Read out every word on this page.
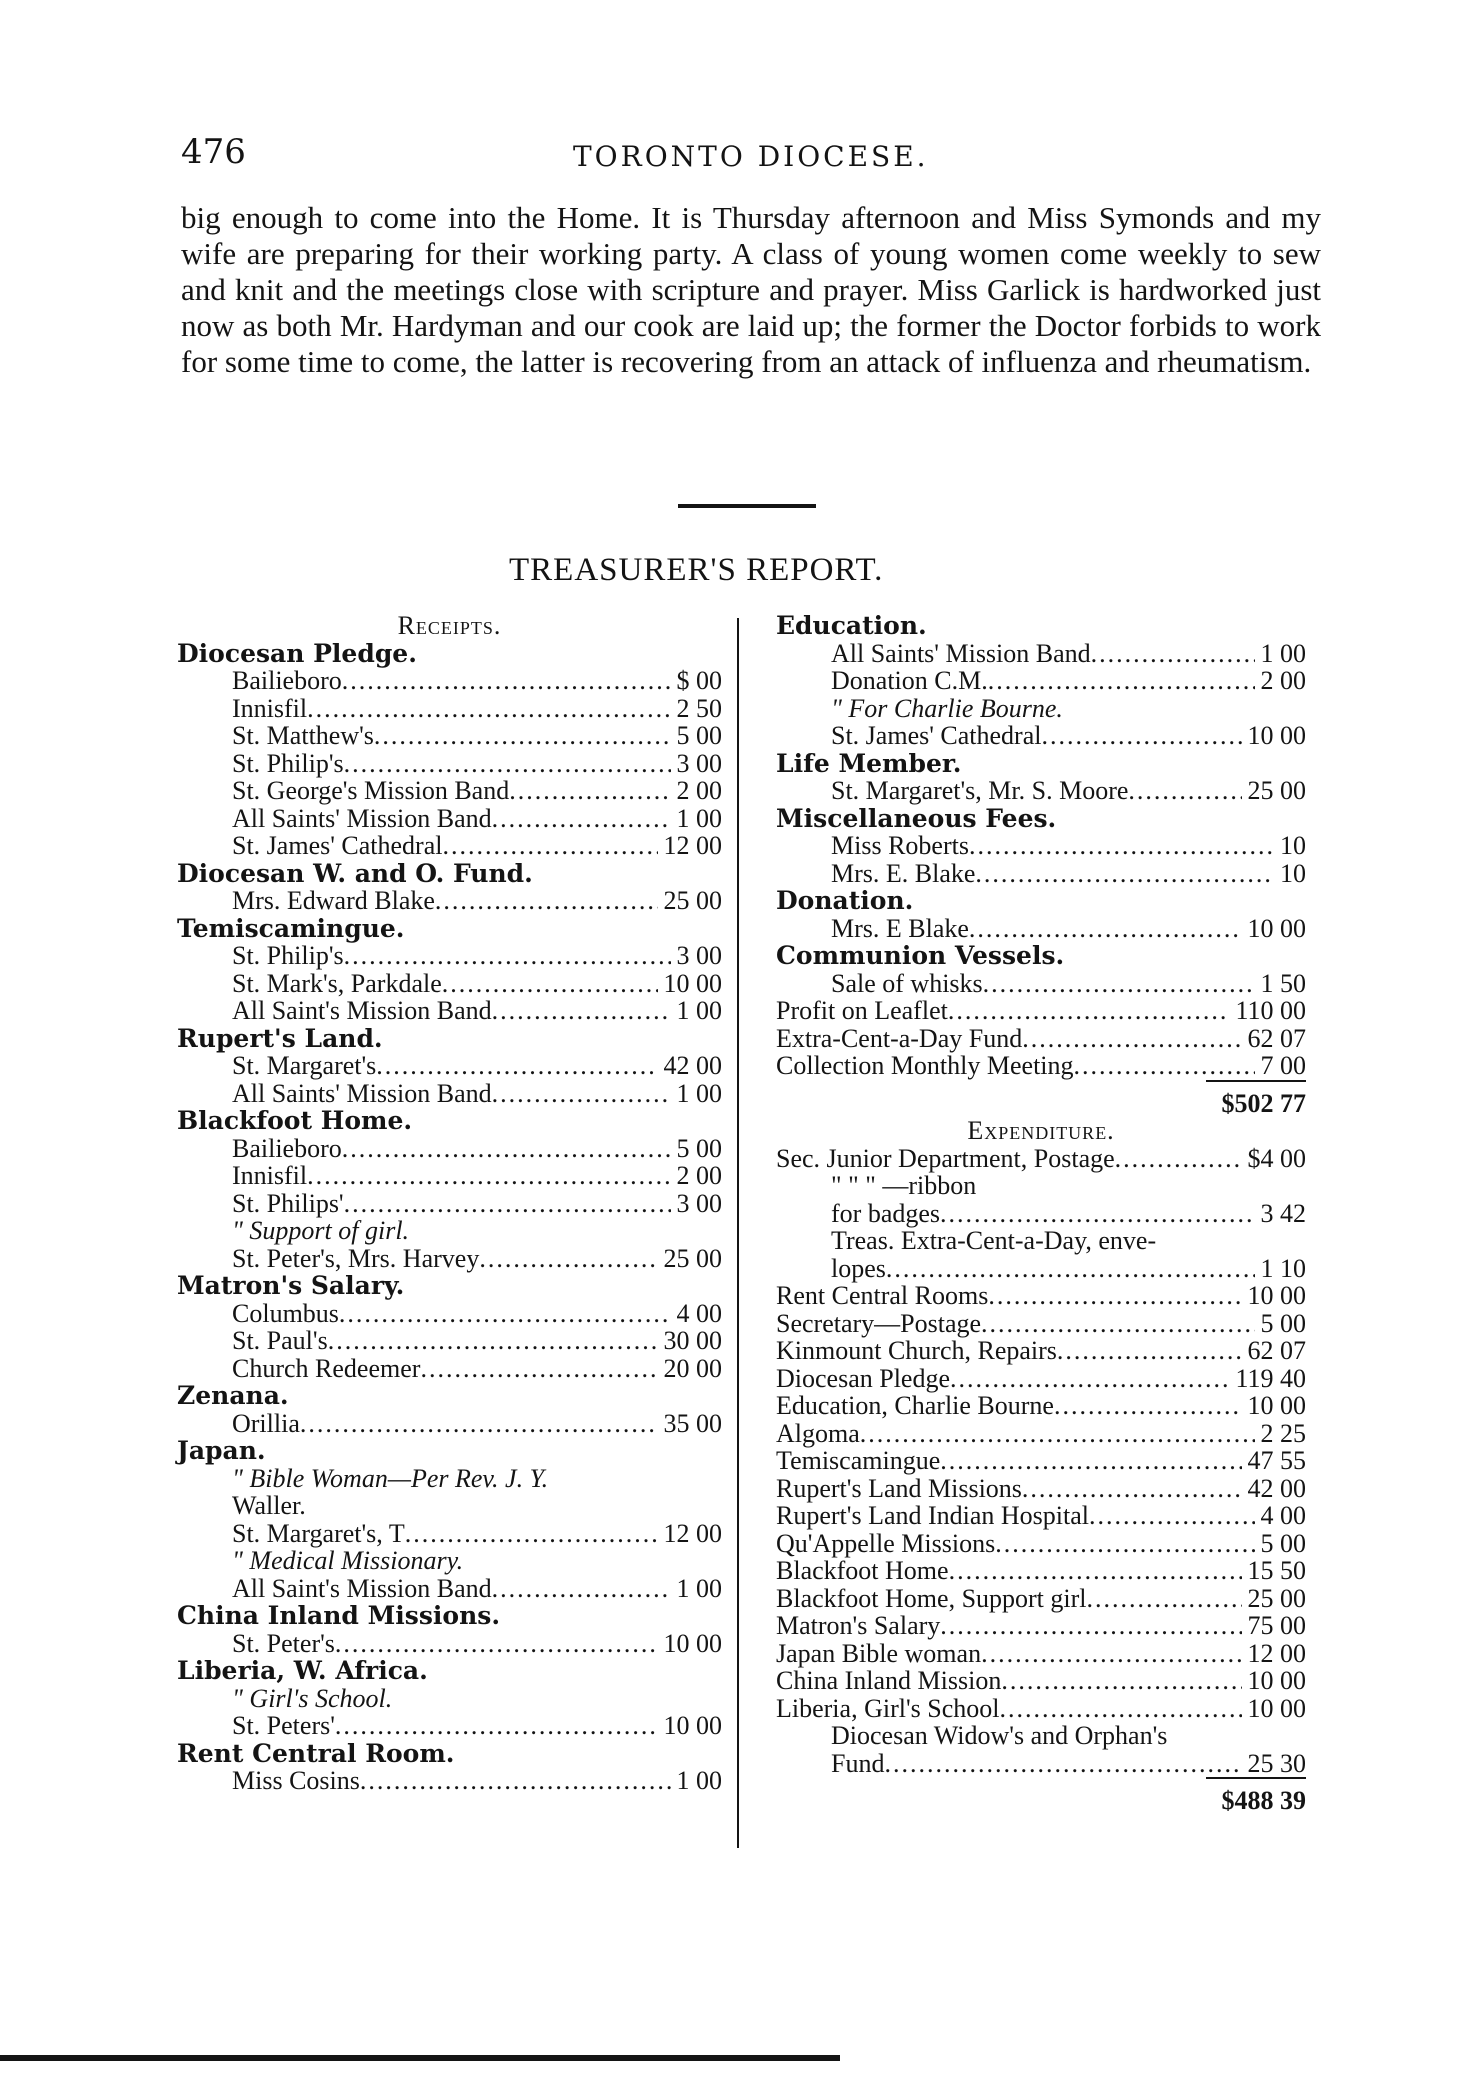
476	TORONTO DIOCESE.
big enough to come into the Home. It is Thursday afternoon and Miss Symonds and my wife are preparing for their working party. A class of young women come weekly to sew and knit and the meetings close with scripture and prayer. Miss Garlick is hardworked just now as both Mr. Hardyman and our cook are laid up; the former the Doctor forbids to work for some time to come, the latter is recovering from an attack of influenza and rheumatism.
TREASURER'S REPORT.
Receipts.
Diocesan Pledge.
Bailieboro .....	$ 00
Innisfil .....	2 50
St. Matthew's .....	5 00
St. Philip's .....	3 00
St. George's Mission Band .....	2 00
All Saints' Mission Band .....	1 00
St. James' Cathedral .....	12 00
Diocesan W. and O. Fund.
Mrs. Edward Blake .....	25 00
Temiscamingue.
St. Philip's .....	3 00
St. Mark's, Parkdale .....	10 00
All Saint's Mission Band .....	1 00
Rupert's Land.
St. Margaret's .....	42 00
All Saints' Mission Band .....	1 00
Blackfoot Home.
Bailieboro .....	5 00
Innisfil .....	2 00
St. Philips' .....	3 00
" Support of girl.
St. Peter's, Mrs. Harvey .....	25 00
Matron's Salary.
Columbus .....	4 00
St. Paul's .....	30 00
Church Redeemer .....	20 00
Zenana.
Orillia .....	35 00
Japan.
" Bible Woman—Per Rev. J. Y.
Waller.
St. Margaret's, T .....	12 00
" Medical Missionary.
All Saint's Mission Band .....	1 00
China Inland Missions.
St. Peter's .....	10 00
Liberia, W. Africa.
" Girl's School.
St. Peters' .....	10 00
Rent Central Room.
Miss Cosins .....	1 00
Education.
All Saints' Mission Band .....	1 00
Donation C.M. .....	2 00
" For Charlie Bourne.
St. James' Cathedral .....	10 00
Life Member.
St. Margaret's, Mr. S. Moore .....	25 00
Miscellaneous Fees.
Miss Roberts .....	10
Mrs. E. Blake .....	10
Donation.
Mrs. E Blake .....	10 00
Communion Vessels.
Sale of whisks .....	1 50
Profit on Leaflet .....	110 00
Extra-Cent-a-Day Fund .....	62 07
Collection Monthly Meeting .....	7 00
$502 77
Expenditure.
Sec. Junior Department, Postage .....	$4 00
" " " —ribbon
for badges .....	3 42
Treas. Extra-Cent-a-Day, enve-
lopes .....	1 10
Rent Central Rooms .....	10 00
Secretary—Postage .....	5 00
Kinmount Church, Repairs .....	62 07
Diocesan Pledge .....	119 40
Education, Charlie Bourne .....	10 00
Algoma .....	2 25
Temiscamingue .....	47 55
Rupert's Land Missions .....	42 00
Rupert's Land Indian Hospital .....	4 00
Qu'Appelle Missions .....	5 00
Blackfoot Home .....	15 50
Blackfoot Home, Support girl .....	25 00
Matron's Salary .....	75 00
Japan Bible woman .....	12 00
China Inland Mission .....	10 00
Liberia, Girl's School .....	10 00
Diocesan Widow's and Orphan's
Fund .....	25 30
$488 39
